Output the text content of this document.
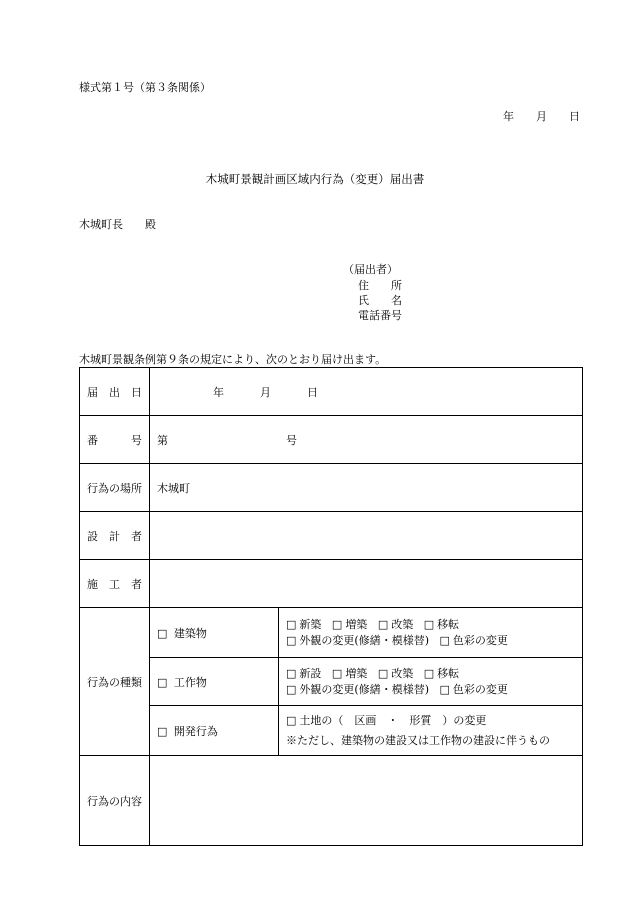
様式第１号（第３条関係）
年 月 日
木城町景観計画区域内行為（変更）届出書
木城町長 殿
（届出者）
住　　所
氏　　名
電話番号
木城町景観条例第９条の規定により、次のとおり届け出ます。
届　出　日	年 月 日	
番　　　号	第 号	
行為の場所	木城町	
設　計　者		
施　工　者		
行為の種類	□ 建築物	□ 新築 □ 増築 □ 改築 □ 移転
□ 外観の変更(修繕・模様替) □ 色彩の変更

	□ 工作物	□ 新設 □ 増築 □ 改築 □ 移転
□ 外観の変更(修繕・模様替) □ 色彩の変更

	□ 開発行為	□ 土地の（　区画　・　形質　）の変更
※ただし、建築物の建設又は工作物の建設に伴うもの

行為の内容		
